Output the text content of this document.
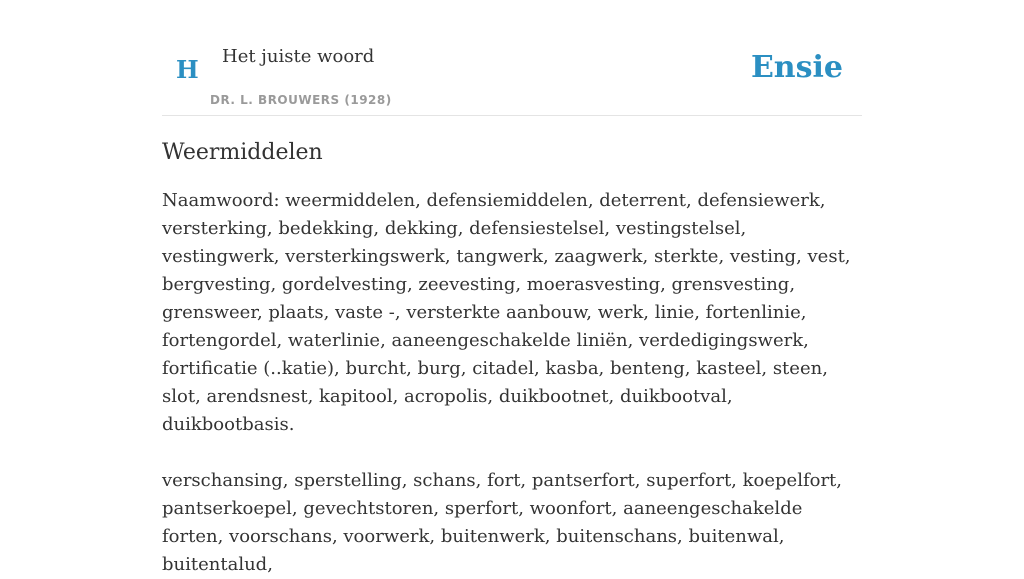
H Het juiste woord
DR. L. BROUWERS (1928)
Ensie
Weermiddelen

Naamwoord: weermiddelen, defensiemiddelen, deterrent, defensiewerk, versterking, bedekking, dekking, defensiestelsel, vestingstelsel, vestingwerk, versterkingswerk, tangwerk, zaagwerk, sterkte, vesting, vest, bergvesting, gordelvesting, zeevesting, moerasvesting, grensvesting, grensweer, plaats, vaste -, versterkte aanbouw, werk, linie, fortenlinie, fortengordel, waterlinie, aaneengeschakelde liniën, verdedigingswerk, fortificatie (..katie), burcht, burg, citadel, kasba, benteng, kasteel, steen, slot, arendsnest, kapitool, acropolis, duikbootnet, duikbootval, duikbootbasis.

verschansing, sperstelling, schans, fort, pantserfort, superfort, koepelfort, pantserkoepel, gevechtstoren, sperfort, woonfort, aaneengeschakelde forten, voorschans, voorwerk, buitenwerk, buitenschans, buitenwal, buitentalud,
